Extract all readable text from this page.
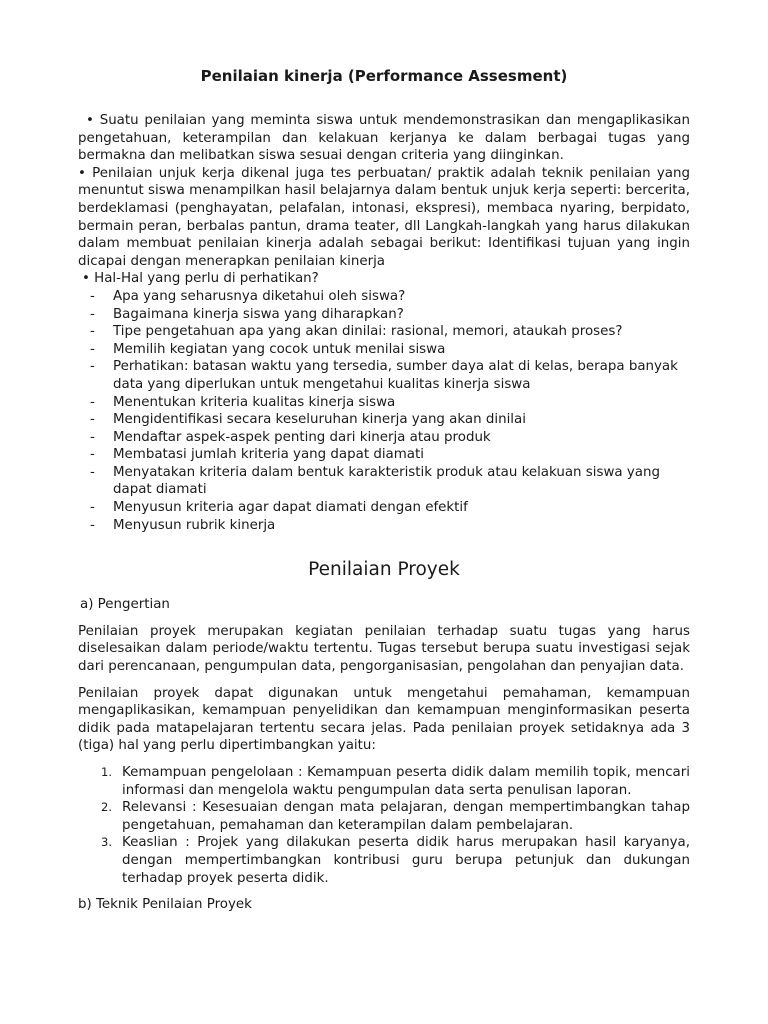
Penilaian kinerja (Performance Assesment)

• Suatu penilaian yang meminta siswa untuk mendemonstrasikan dan mengaplikasikan pengetahuan, keterampilan dan kelakuan kerjanya ke dalam berbagai tugas yang bermakna dan melibatkan siswa sesuai dengan criteria yang diinginkan.

• Penilaian unjuk kerja dikenal juga tes perbuatan/ praktik adalah teknik penilaian yang menuntut siswa menampilkan hasil belajarnya dalam bentuk unjuk kerja seperti: bercerita, berdeklamasi (penghayatan, pelafalan, intonasi, ekspresi), membaca nyaring, berpidato, bermain peran, berbalas pantun, drama teater, dll Langkah-langkah yang harus dilakukan dalam membuat penilaian kinerja adalah sebagai berikut: Identifikasi tujuan yang ingin dicapai dengan menerapkan penilaian kinerja

• Hal-Hal yang perlu di perhatikan?

- Apa yang seharusnya diketahui oleh siswa?
- Bagaimana kinerja siswa yang diharapkan?
- Tipe pengetahuan apa yang akan dinilai: rasional, memori, ataukah proses?
- Memilih kegiatan yang cocok untuk menilai siswa
- Perhatikan: batasan waktu yang tersedia, sumber daya alat di kelas, berapa banyak data yang diperlukan untuk mengetahui kualitas kinerja siswa
- Menentukan kriteria kualitas kinerja siswa
- Mengidentifikasi secara keseluruhan kinerja yang akan dinilai
- Mendaftar aspek-aspek penting dari kinerja atau produk
- Membatasi jumlah kriteria yang dapat diamati
- Menyatakan kriteria dalam bentuk karakteristik produk atau kelakuan siswa yang dapat diamati
- Menyusun kriteria agar dapat diamati dengan efektif
- Menyusun rubrik kinerja
Penilaian Proyek

a) Pengertian

Penilaian proyek merupakan kegiatan penilaian terhadap suatu tugas yang harus diselesaikan dalam periode/waktu tertentu. Tugas tersebut berupa suatu investigasi sejak dari perencanaan, pengumpulan data, pengorganisasian, pengolahan dan penyajian data.

Penilaian proyek dapat digunakan untuk mengetahui pemahaman, kemampuan mengaplikasikan, kemampuan penyelidikan dan kemampuan menginformasikan peserta didik pada matapelajaran tertentu secara jelas. Pada penilaian proyek setidaknya ada 3 (tiga) hal yang perlu dipertimbangkan yaitu:

1. Kemampuan pengelolaan : Kemampuan peserta didik dalam memilih topik, mencari informasi dan mengelola waktu pengumpulan data serta penulisan laporan.
2. Relevansi : Kesesuaian dengan mata pelajaran, dengan mempertimbangkan tahap pengetahuan, pemahaman dan keterampilan dalam pembelajaran.
3. Keaslian : Projek yang dilakukan peserta didik harus merupakan hasil karyanya, dengan mempertimbangkan kontribusi guru berupa petunjuk dan dukungan terhadap proyek peserta didik.

b) Teknik Penilaian Proyek
